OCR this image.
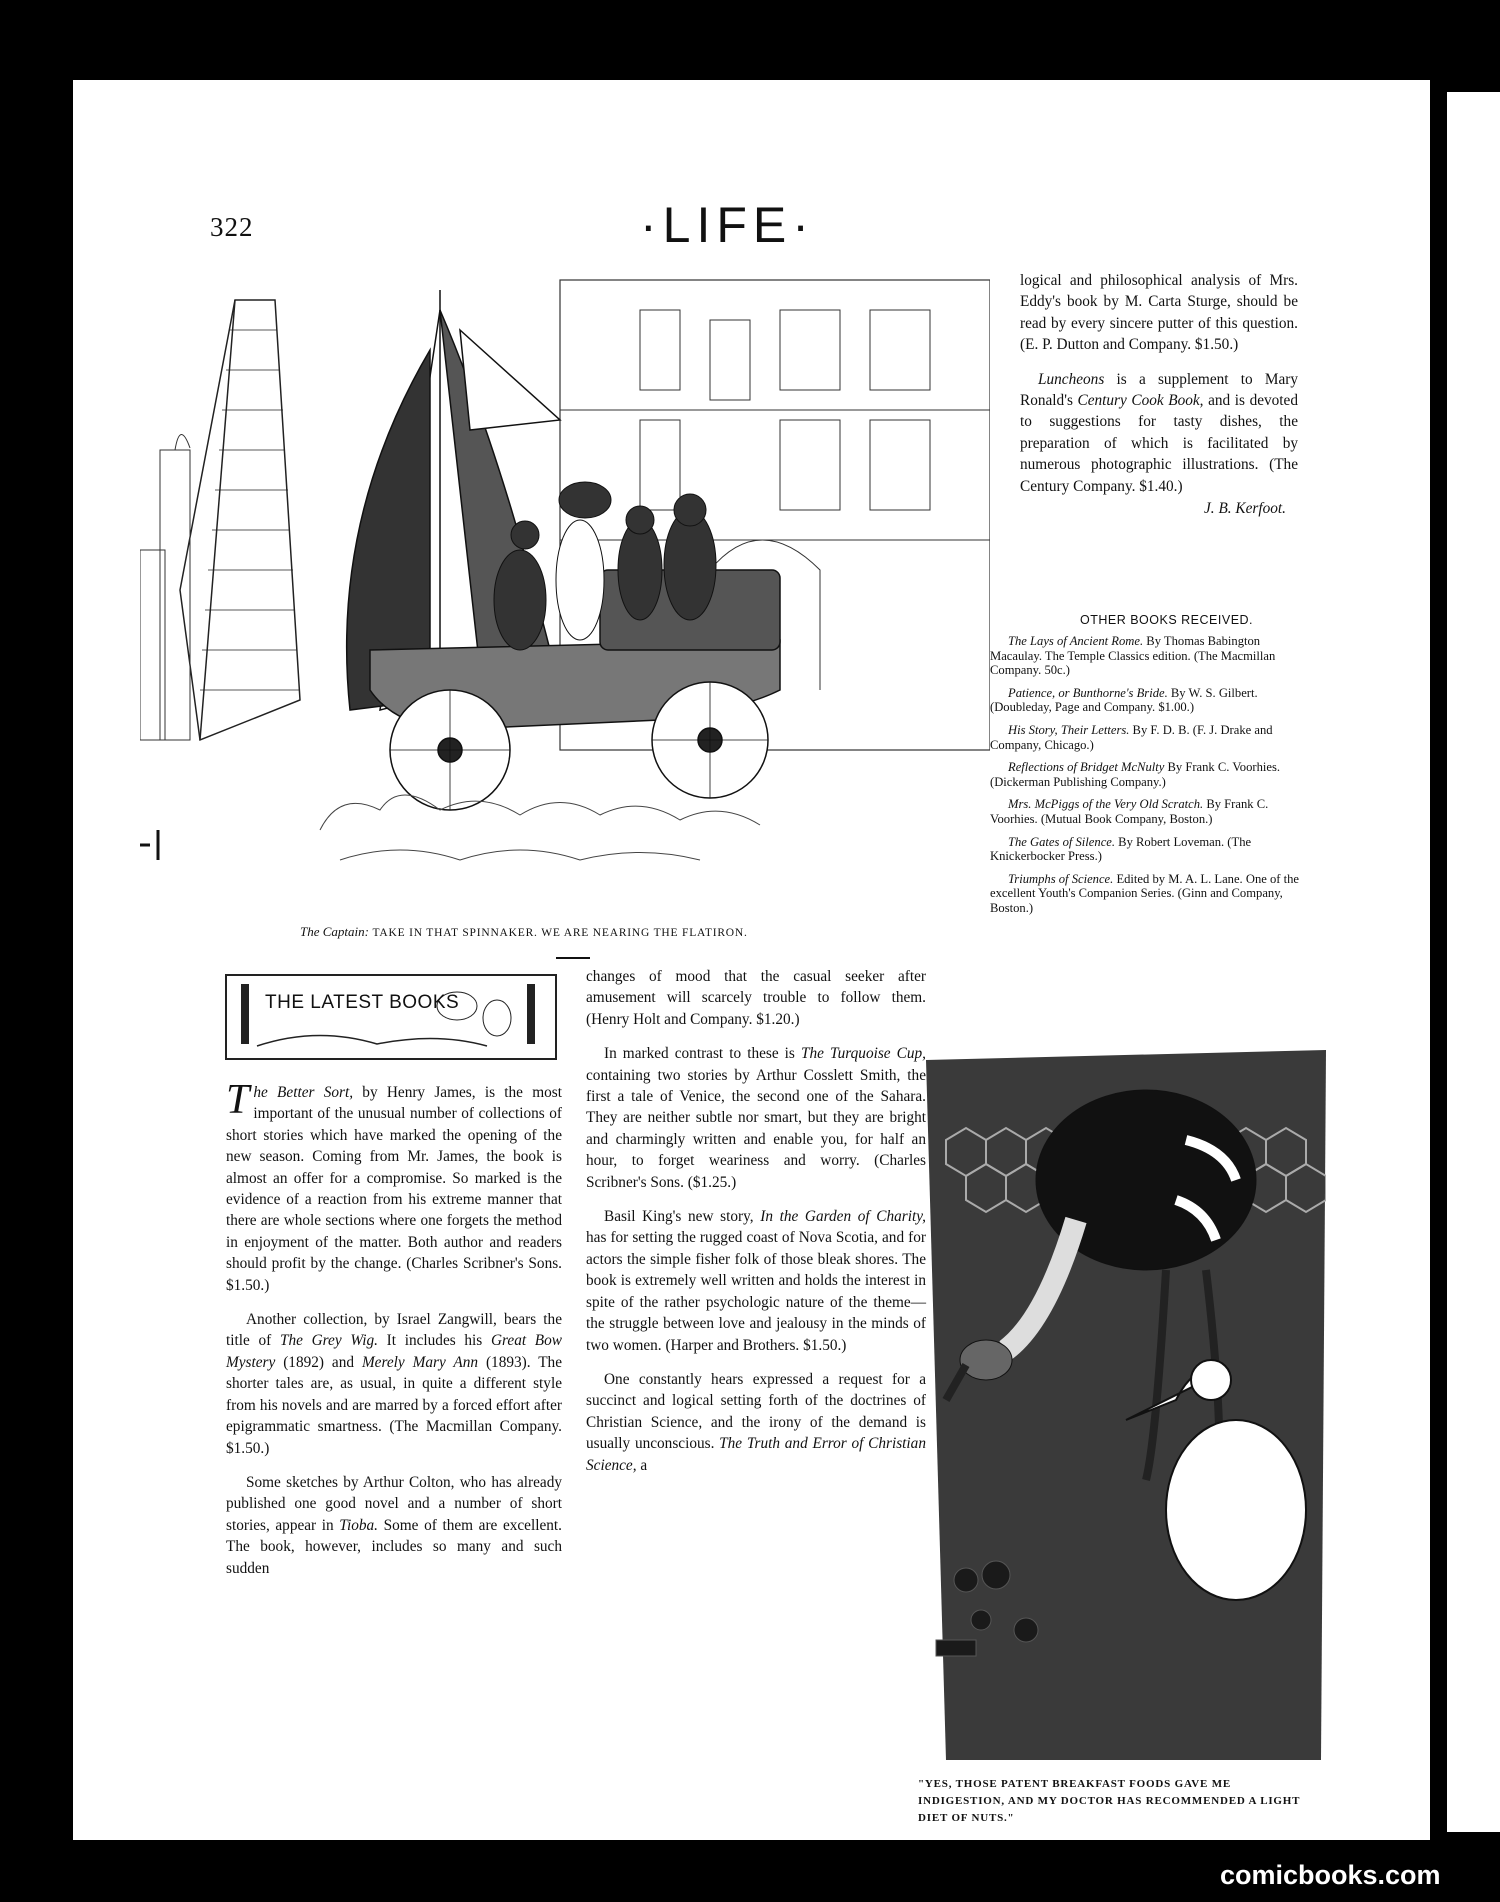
322	·LIFE·
The Captain: TAKE IN THAT SPINNAKER. WE ARE NEARING THE FLATIRON.
THE LATEST BOOKS

The Better Sort, by Henry James, is the most important of the unusual number of collections of short stories which have marked the opening of the new season. Coming from Mr. James, the book is almost an offer for a compromise. So marked is the evidence of a reaction from his extreme manner that there are whole sections where one forgets the method in enjoyment of the matter. Both author and readers should profit by the change. (Charles Scribner's Sons. $1.50.)

Another collection, by Israel Zangwill, bears the title of The Grey Wig. It includes his Great Bow Mystery (1892) and Merely Mary Ann (1893). The shorter tales are, as usual, in quite a different style from his novels and are marred by a forced effort after epigrammatic smartness. (The Macmillan Company. $1.50.)

Some sketches by Arthur Colton, who has already published one good novel and a number of short stories, appear in Tioba. Some of them are excellent. The book, however, includes so many and such sudden

changes of mood that the casual seeker after amusement will scarcely trouble to follow them. (Henry Holt and Company. $1.20.)

In marked contrast to these is The Turquoise Cup, containing two stories by Arthur Cosslett Smith, the first a tale of Venice, the second one of the Sahara. They are neither subtle nor smart, but they are bright and charmingly written and enable you, for half an hour, to forget weariness and worry. (Charles Scribner's Sons. ($1.25.)

Basil King's new story, In the Garden of Charity, has for setting the rugged coast of Nova Scotia, and for actors the simple fisher folk of those bleak shores. The book is extremely well written and holds the interest in spite of the rather psychologic nature of the theme—the struggle between love and jealousy in the minds of two women. (Harper and Brothers. $1.50.)

One constantly hears expressed a request for a succinct and logical setting forth of the doctrines of Christian Science, and the irony of the demand is usually unconscious. The Truth and Error of Christian Science, a

logical and philosophical analysis of Mrs. Eddy's book by M. Carta Sturge, should be read by every sincere putter of this question. (E. P. Dutton and Company. $1.50.)

Luncheons is a supplement to Mary Ronald's Century Cook Book, and is devoted to suggestions for tasty dishes, the preparation of which is facilitated by numerous photographic illustrations. (The Century Company. $1.40.)

J. B. Kerfoot.

OTHER BOOKS RECEIVED.

The Lays of Ancient Rome. By Thomas Babington Macaulay. The Temple Classics edition. (The Macmillan Company. 50c.)

Patience, or Bunthorne's Bride. By W. S. Gilbert. (Doubleday, Page and Company. $1.00.)

His Story, Their Letters. By F. D. B. (F. J. Drake and Company, Chicago.)

Reflections of Bridget McNulty By Frank C. Voorhies. (Dickerman Publishing Company.)

Mrs. McPiggs of the Very Old Scratch. By Frank C. Voorhies. (Mutual Book Company, Boston.)

The Gates of Silence. By Robert Loveman. (The Knickerbocker Press.)

Triumphs of Science. Edited by M. A. L. Lane. One of the excellent Youth's Companion Series. (Ginn and Company, Boston.)

"YES, THOSE PATENT BREAKFAST FOODS GAVE ME INDIGESTION, AND MY DOCTOR HAS RECOMMENDED A LIGHT DIET OF NUTS."
comicbooks.com
